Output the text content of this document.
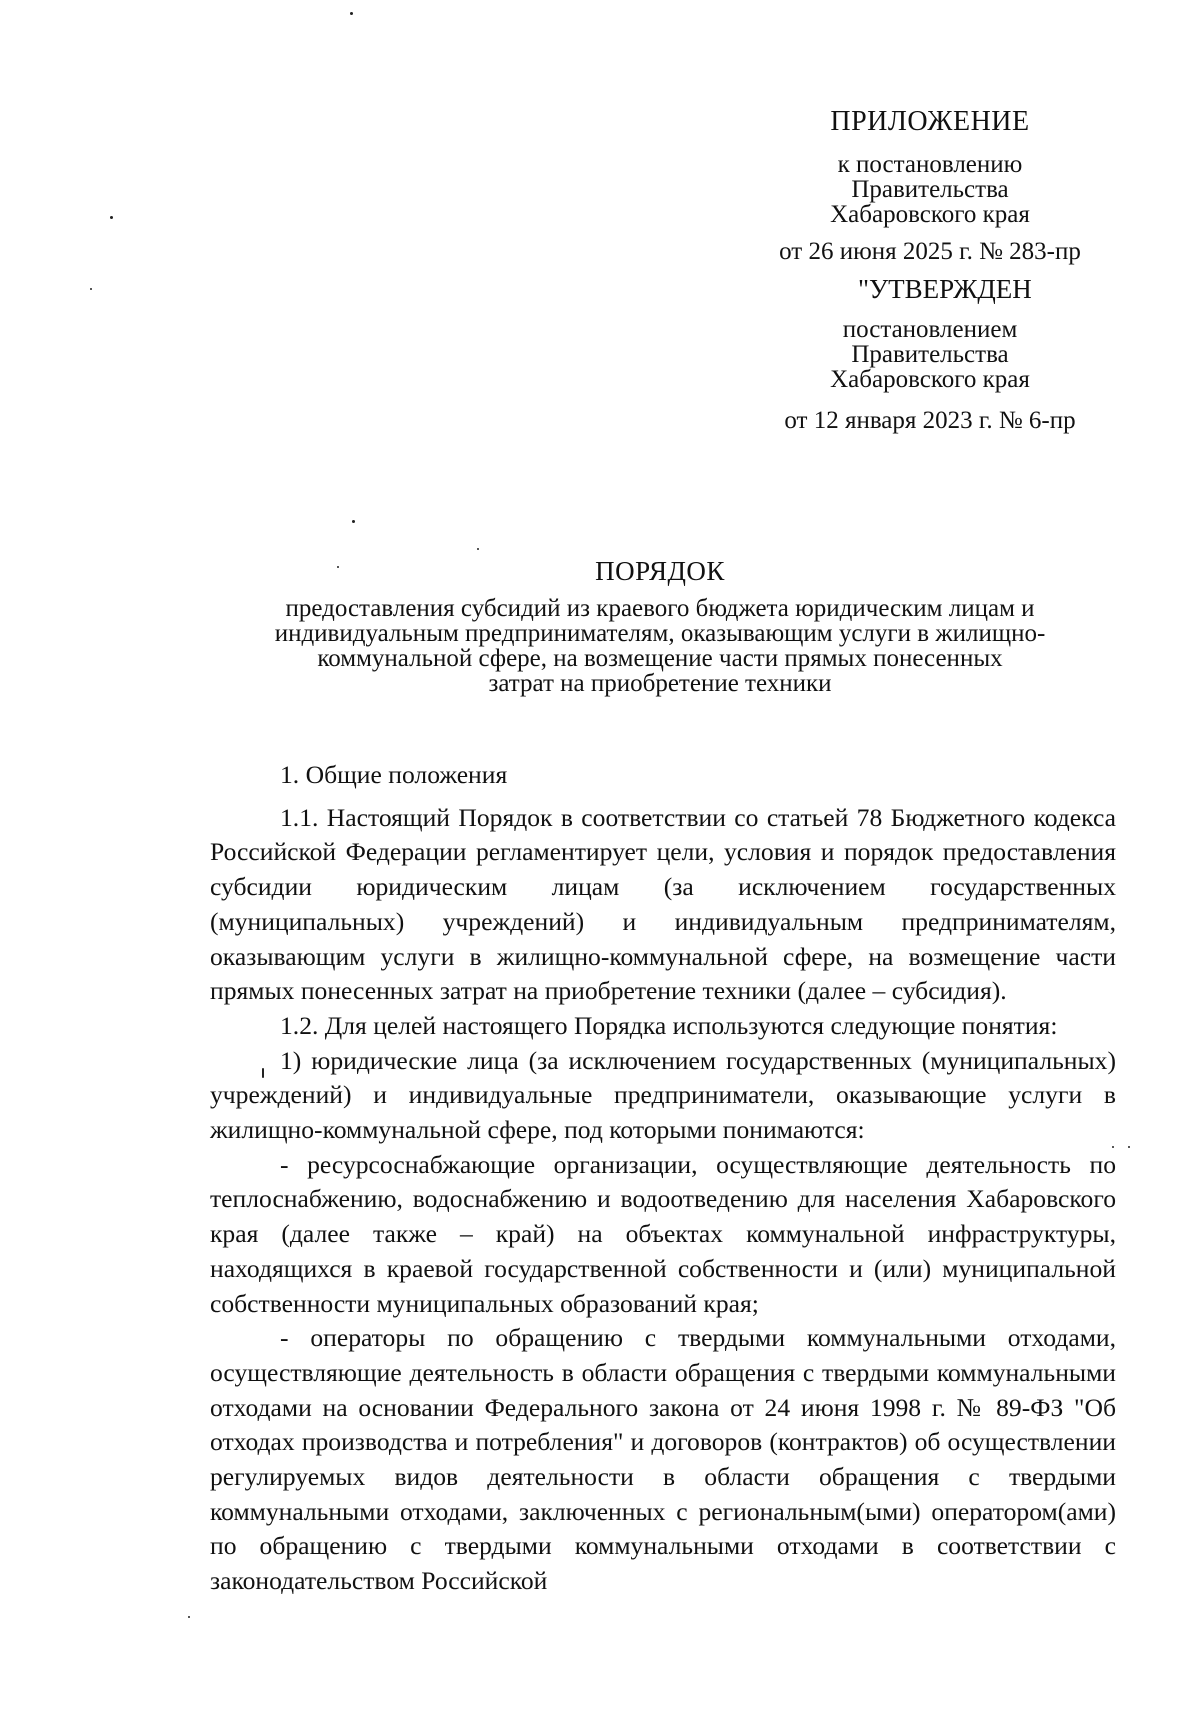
ПРИЛОЖЕНИЕ
к постановлению
Правительства
Хабаровского края
от 26 июня 2025 г. № 283-пр
"УТВЕРЖДЕН
постановлением
Правительства
Хабаровского края
от 12 января 2023 г. № 6-пр
ПОРЯДОК
предоставления субсидий из краевого бюджета юридическим лицам и
индивидуальным предпринимателям, оказывающим услуги в жилищно-
коммунальной сфере, на возмещение части прямых понесенных
затрат на приобретение техники

1. Общие положения

1.1. Настоящий Порядок в соответствии со статьей 78 Бюджетного кодекса Российской Федерации регламентирует цели, условия и порядок предоставления субсидии юридическим лицам (за исключением государственных (муниципальных) учреждений) и индивидуальным предпринимателям, оказывающим услуги в жилищно-коммунальной сфере, на возмещение части прямых понесенных затрат на приобретение техники (далее – субсидия).

1.2. Для целей настоящего Порядка используются следующие понятия:

1) юридические лица (за исключением государственных (муниципальных) учреждений) и индивидуальные предприниматели, оказывающие услуги в жилищно-коммунальной сфере, под которыми понимаются:

- ресурсоснабжающие организации, осуществляющие деятельность по теплоснабжению, водоснабжению и водоотведению для населения Хабаровского края (далее также – край) на объектах коммунальной инфраструктуры, находящихся в краевой государственной собственности и (или) муниципальной собственности муниципальных образований края;

- операторы по обращению с твердыми коммунальными отходами, осуществляющие деятельность в области обращения с твердыми коммунальными отходами на основании Федерального закона от 24 июня 1998 г. № 89-ФЗ "Об отходах производства и потребления" и договоров (контрактов) об осуществлении регулируемых видов деятельности в области обращения с твердыми коммунальными отходами, заключенных с региональным(ыми) оператором(ами) по обращению с твердыми коммунальными отходами в соответствии с законодательством Российской
